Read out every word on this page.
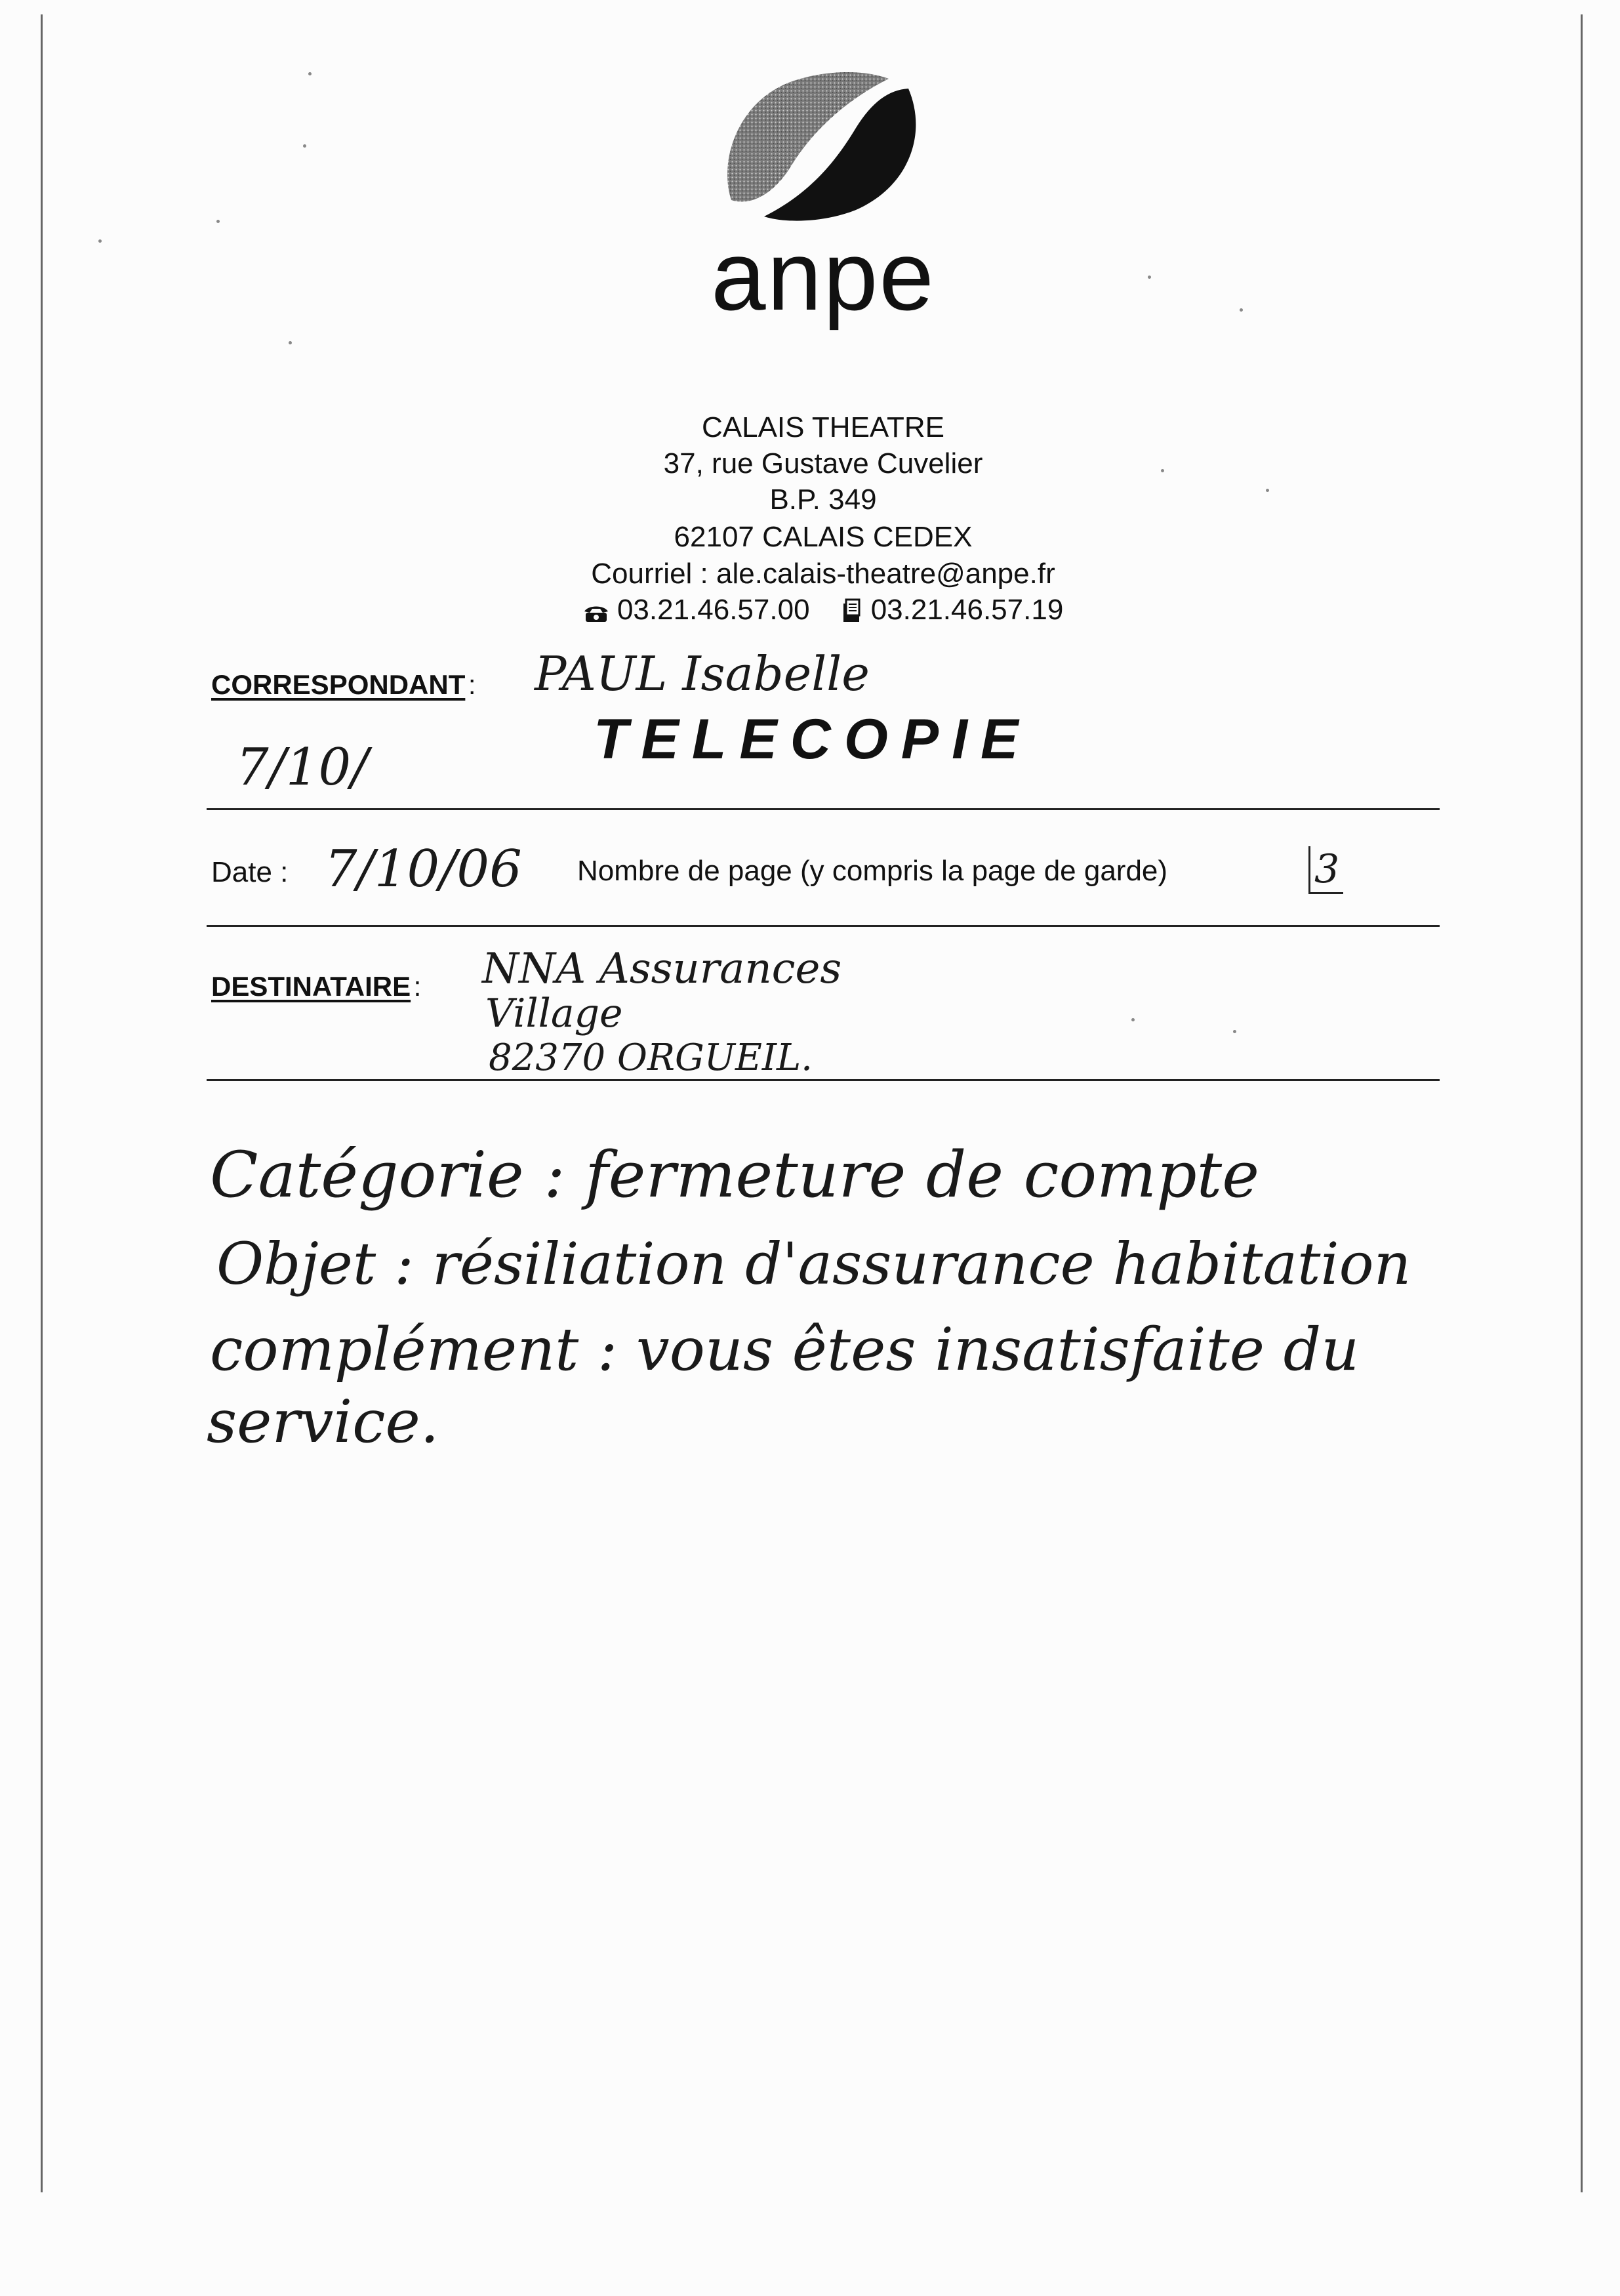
anpe
CALAIS THEATRE
37, rue Gustave Cuvelier
B.P. 349
62107 CALAIS CEDEX
Courriel : ale.calais-theatre@anpe.fr
03.21.46.57.00 03.21.46.57.19
CORRESPONDANT : PAUL Isabelle
7/10/	TELECOPIE
Date : 7/10/06 Nombre de page (y compris la page de garde)	3
DESTINATAIRE : NNA Assurances
Village
82370 ORGUEIL.
Catégorie : fermeture de compte
Objet : résiliation d'assurance habitation
complément : vous êtes insatisfaite du
service.
